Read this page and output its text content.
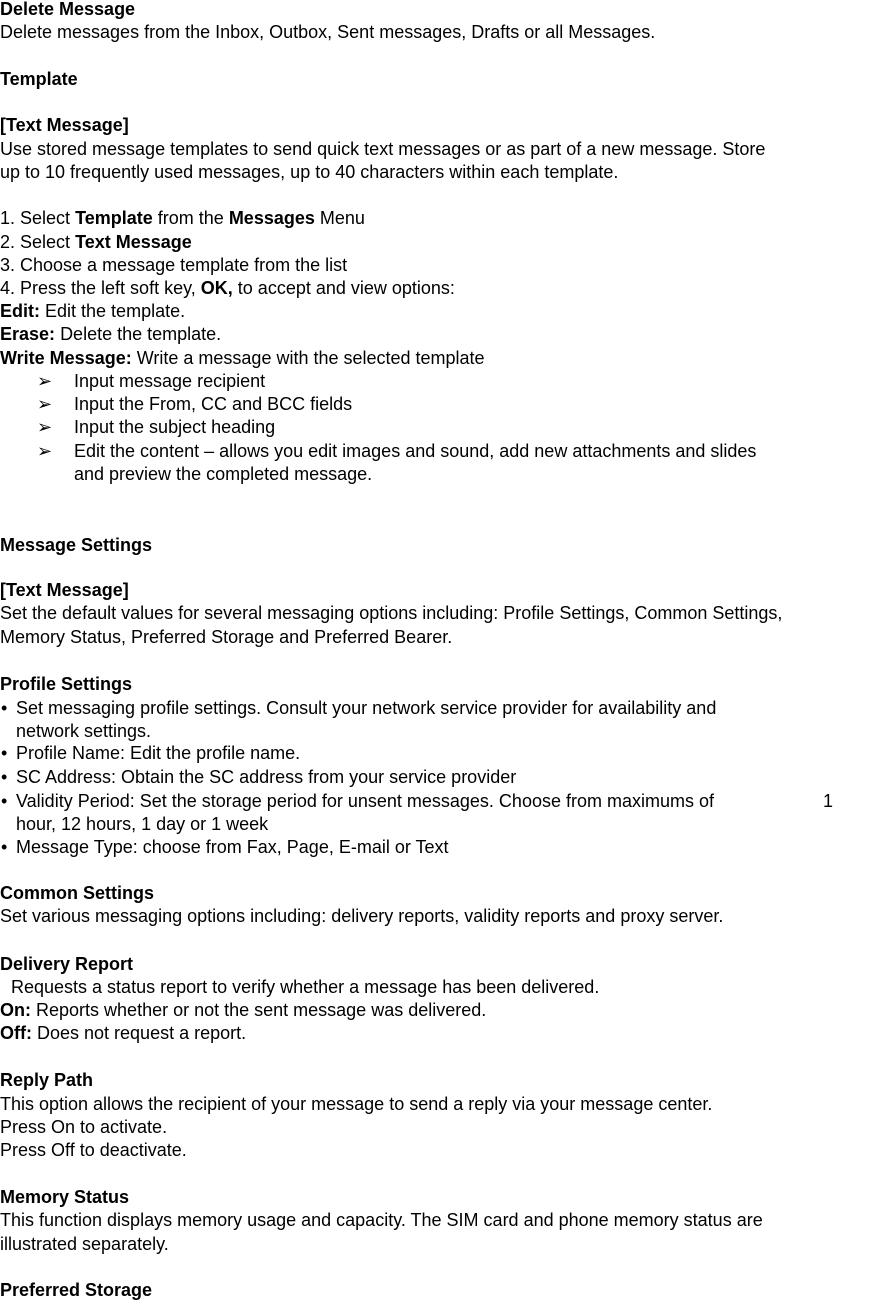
Delete Message
Delete messages from the Inbox, Outbox, Sent messages, Drafts or all Messages.
Template
[Text Message]
Use stored message templates to send quick text messages or as part of a new message. Store
up to 10 frequently used messages, up to 40 characters within each template.
1. Select Template from the Messages Menu
2. Select Text Message
3. Choose a message template from the list
4. Press the left soft key, OK, to accept and view options:
Edit: Edit the template.
Erase: Delete the template.
Write Message: Write a message with the selected template
➢ Input message recipient
➢ Input the From, CC and BCC fields
➢ Input the subject heading
➢ Edit the content – allows you edit images and sound, add new attachments and slides
and preview the completed message.
Message Settings
[Text Message]
Set the default values for several messaging options including: Profile Settings, Common Settings,
Memory Status, Preferred Storage and Preferred Bearer.
Profile Settings
• Set messaging profile settings. Consult your network service provider for availability and
network settings.
• Profile Name: Edit the profile name.
• SC Address: Obtain the SC address from your service provider
• Validity Period: Set the storage period for unsent messages. Choose from maximums of	1
hour, 12 hours, 1 day or 1 week
• Message Type: choose from Fax, Page, E-mail or Text
Common Settings
Set various messaging options including: delivery reports, validity reports and proxy server.
Delivery Report
Requests a status report to verify whether a message has been delivered.
On: Reports whether or not the sent message was delivered.
Off: Does not request a report.
Reply Path
This option allows the recipient of your message to send a reply via your message center.
Press On to activate.
Press Off to deactivate.
Memory Status
This function displays memory usage and capacity. The SIM card and phone memory status are
illustrated separately.
Preferred Storage
